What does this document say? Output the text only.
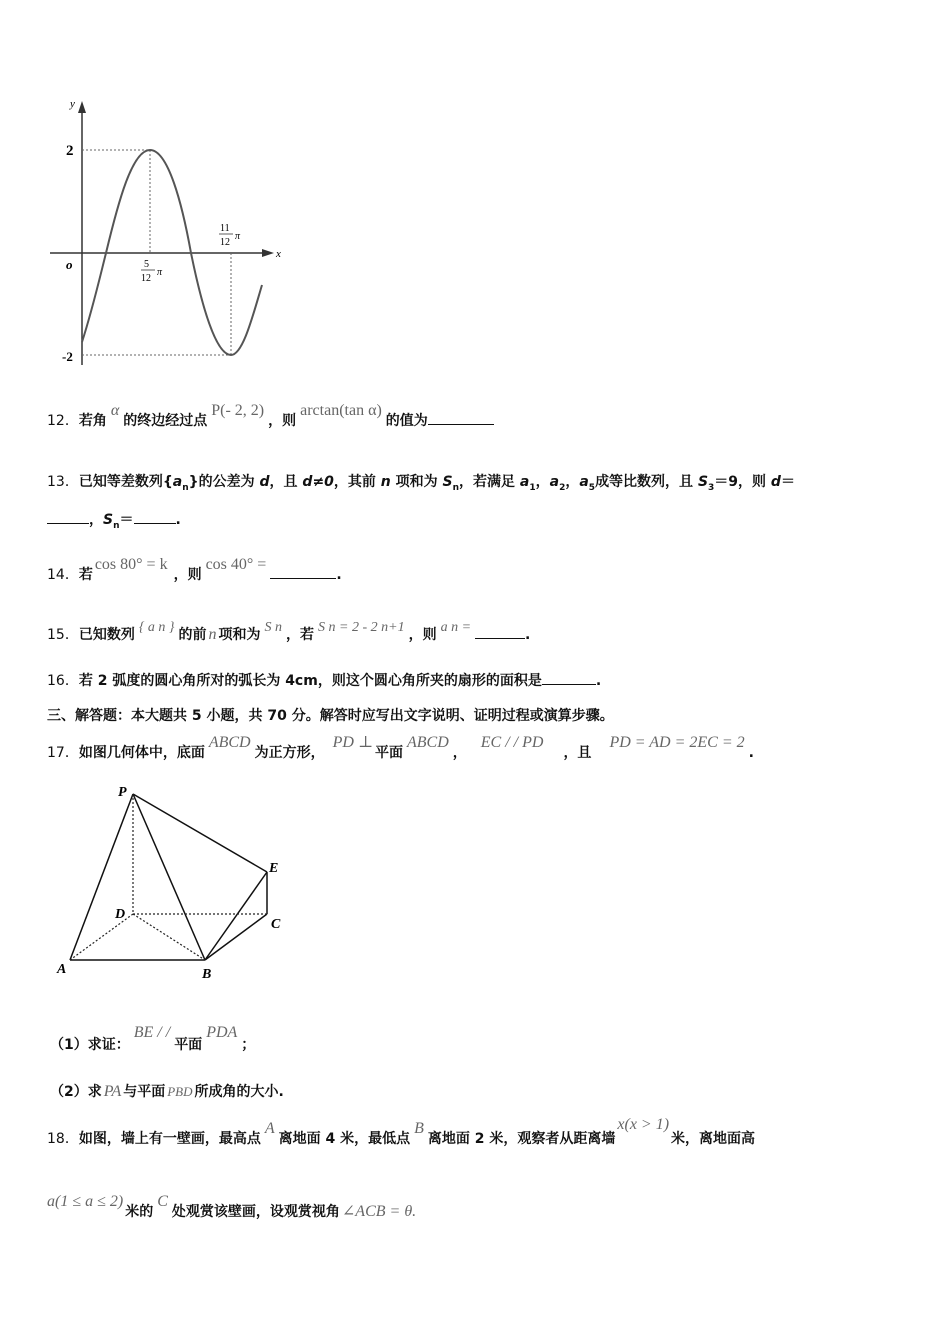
y
x
o
2
-2
5
12
π
11
12
π
12．若角α的终边经过点P(- 2, 2)，则arctan(tan α)的值为
13．已知等差数列$\{a_n\}$的公差为 d，且 d≠0，其前 n 项和为 $S_n$，若满足 $a_1$，$a_2$，$a_5$成等比数列，且 $S_3=9$，则 d＝
，$S_n=$	.
14．若cos 80° = k，则cos 40° =.
15．已知数列 { a n } 的前 n 项和为 S n ，若 S n = 2 - 2 n+1 ，则 a n =	.
16．若 2 弧度的圆心角所对的弧长为 4cm，则这个圆心角所夹的扇形的面积是	.
三、解答题：本大题共 5 小题，共 70 分。解答时应写出文字说明、证明过程或演算步骤。
17．如图几何体中，底面ABCD为正方形，PD ⊥平面ABCD，EC / / PD，且PD = AD = 2EC = 2.
P
E
D
C
A	B
（1）求证：BE / /平面PDA；
（2）求 PA 与平面 PBD 所成角的大小.
18．如图，墙上有一壁画，最高点A离地面 4 米，最低点B离地面 2 米，观察者从距离墙x(x > 1)米，离地面高
a(1 ≤ a ≤ 2)米的C处观赏该壁画，设观赏视角 ∠ACB = θ.
